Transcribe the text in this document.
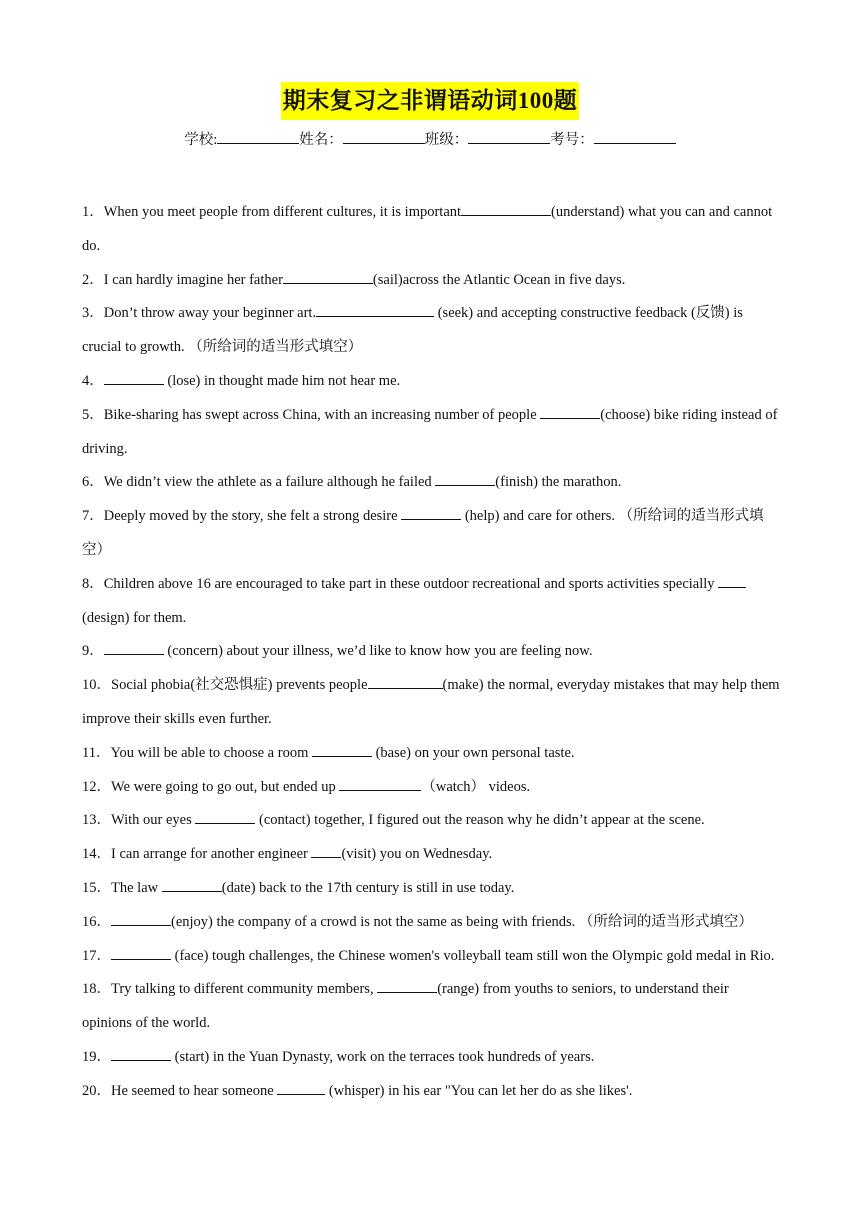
期末复习之非谓语动词100题
学校:	姓名：	班级：	考号：

1．When you meet people from different cultures, it is important	(understand) what you can and cannot do.

2．I can hardly imagine her father	(sail)across the Atlantic Ocean in five days.

3．Don’t throw away your beginner art.	(seek) and accepting constructive feedback (反馈) is crucial to growth. （所给词的适当形式填空）

4．	(lose) in thought made him not hear me.

5．Bike-sharing has swept across China, with an increasing number of people	(choose) bike riding instead of driving.

6．We didn’t view the athlete as a failure although he failed	(finish) the marathon.

7．Deeply moved by the story, she felt a strong desire	(help) and care for others. （所给词的适当形式填空）

8．Children above 16 are encouraged to take part in these outdoor recreational and sports activities specially  (design) for them.

9．	(concern) about your illness, we’d like to know how you are feeling now.

10．Social phobia(社交恐惧症) prevents people	(make) the normal, everyday mistakes that may help them improve their skills even further.

11．You will be able to choose a room	(base) on your own personal taste.

12．We were going to go out, but ended up	（watch） videos.

13．With our eyes	(contact) together, I figured out the reason why he didn’t appear at the scene.

14．I can arrange for another engineer (visit) you on Wednesday.

15．The law	(date) back to the 17th century is still in use today.

16．	(enjoy) the company of a crowd is not the same as being with friends. （所给词的适当形式填空）

17．	(face) tough challenges, the Chinese women's volleyball team still won the Olympic gold medal in Rio.

18．Try talking to different community members,	(range) from youths to seniors, to understand their opinions of the world.

19．	(start) in the Yuan Dynasty, work on the terraces took hundreds of years.

20．He seemed to hear someone	(whisper) in his ear "You can let her do as she likes'.
